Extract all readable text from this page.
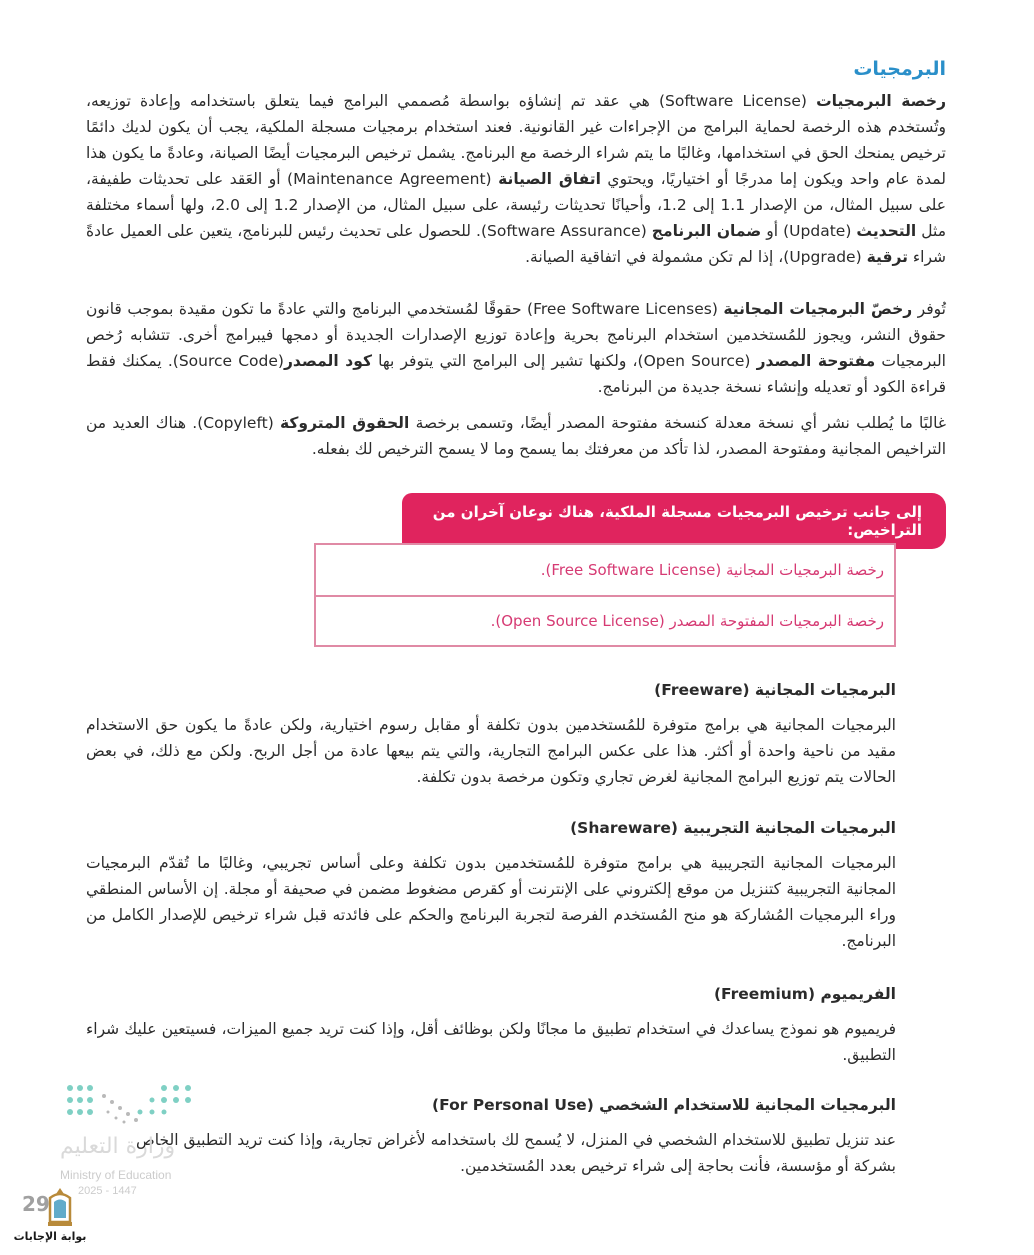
البرمجيات

رخصة البرمجيات (Software License) هي عقد تم إنشاؤه بواسطة مُصممي البرامج فيما يتعلق باستخدامه وإعادة توزيعه، وتُستخدم هذه الرخصة لحماية البرامج من الإجراءات غير القانونية. فعند استخدام برمجيات مسجلة الملكية، يجب أن يكون لديك دائمًا ترخيص يمنحك الحق في استخدامها، وغالبًا ما يتم شراء الرخصة مع البرنامج. يشمل ترخيص البرمجيات أيضًا الصيانة، وعادةً ما يكون هذا لمدة عام واحد ويكون إما مدرجًا أو اختياريًا، ويحتوي اتفاق الصيانة (Maintenance Agreement) أو العَقد على تحديثات طفيفة، على سبيل المثال، من الإصدار 1.1 إلى 1.2، وأحيانًا تحديثات رئيسة، على سبيل المثال، من الإصدار 1.2 إلى 2.0، ولها أسماء مختلفة مثل التحديث (Update) أو ضمان البرنامج (Software Assurance). للحصول على تحديث رئيس للبرنامج، يتعين على العميل عادةً شراء ترقية (Upgrade)، إذا لم تكن مشمولة في اتفاقية الصيانة.

تُوفر رخصّ البرمجيات المجانية (Free Software Licenses) حقوقًا لمُستخدمي البرنامج والتي عادةً ما تكون مقيدة بموجب قانون حقوق النشر، ويجوز للمُستخدمين استخدام البرنامج بحرية وإعادة توزيع الإصدارات الجديدة أو دمجها فيبرامج أخرى. تتشابه رُخص البرمجيات مفتوحة المصدر (Open Source)، ولكنها تشير إلى البرامج التي يتوفر بها كود المصدر(Source Code). يمكنك فقط قراءة الكود أو تعديله وإنشاء نسخة جديدة من البرنامج.

غالبًا ما يُطلب نشر أي نسخة معدلة كنسخة مفتوحة المصدر أيضًا، وتسمى برخصة الحقوق المتروكة (Copyleft). هناك العديد من التراخيص المجانية ومفتوحة المصدر، لذا تأكد من معرفتك بما يسمح وما لا يسمح الترخيص لك بفعله.

إلى جانب ترخيص البرمجيات مسجلة الملكية، هناك نوعان آخران من التراخيص:
رخصة البرمجيات المجانية (Free Software License).
رخصة البرمجيات المفتوحة المصدر (Open Source License).
البرمجيات المجانية (Freeware)

البرمجيات المجانية هي برامج متوفرة للمُستخدمين بدون تكلفة أو مقابل رسوم اختيارية، ولكن عادةً ما يكون حق الاستخدام مقيد من ناحية واحدة أو أكثر. هذا على عكس البرامج التجارية، والتي يتم بيعها عادة من أجل الربح. ولكن مع ذلك، في بعض الحالات يتم توزيع البرامج المجانية لغرض تجاري وتكون مرخصة بدون تكلفة.

البرمجيات المجانية التجريبية (Shareware)

البرمجيات المجانية التجريبية هي برامج متوفرة للمُستخدمين بدون تكلفة وعلى أساس تجريبي، وغالبًا ما تُقدّم البرمجيات المجانية التجريبية كتنزيل من موقع إلكتروني على الإنترنت أو كقرص مضغوط مضمن في صحيفة أو مجلة. إن الأساس المنطقي وراء البرمجيات المُشاركة هو منح المُستخدم الفرصة لتجربة البرنامج والحكم على فائدته قبل شراء ترخيص للإصدار الكامل من البرنامج.

الفريميوم (Freemium)

فريميوم هو نموذج يساعدك في استخدام تطبيق ما مجانًا ولكن بوظائف أقل، وإذا كنت تريد جميع الميزات، فسيتعين عليك شراء التطبيق.

البرمجيات المجانية للاستخدام الشخصي (For Personal Use)

عند تنزيل تطبيق للاستخدام الشخصي في المنزل، لا يُسمح لك باستخدامه لأغراض تجارية، وإذا كنت تريد التطبيق الخاص بشركة أو مؤسسة، فأنت بحاجة إلى شراء ترخيص بعدد المُستخدمين.

وزارة التعليم
Ministry of Education
2025 - 1447
29
بوابة الإجابات
